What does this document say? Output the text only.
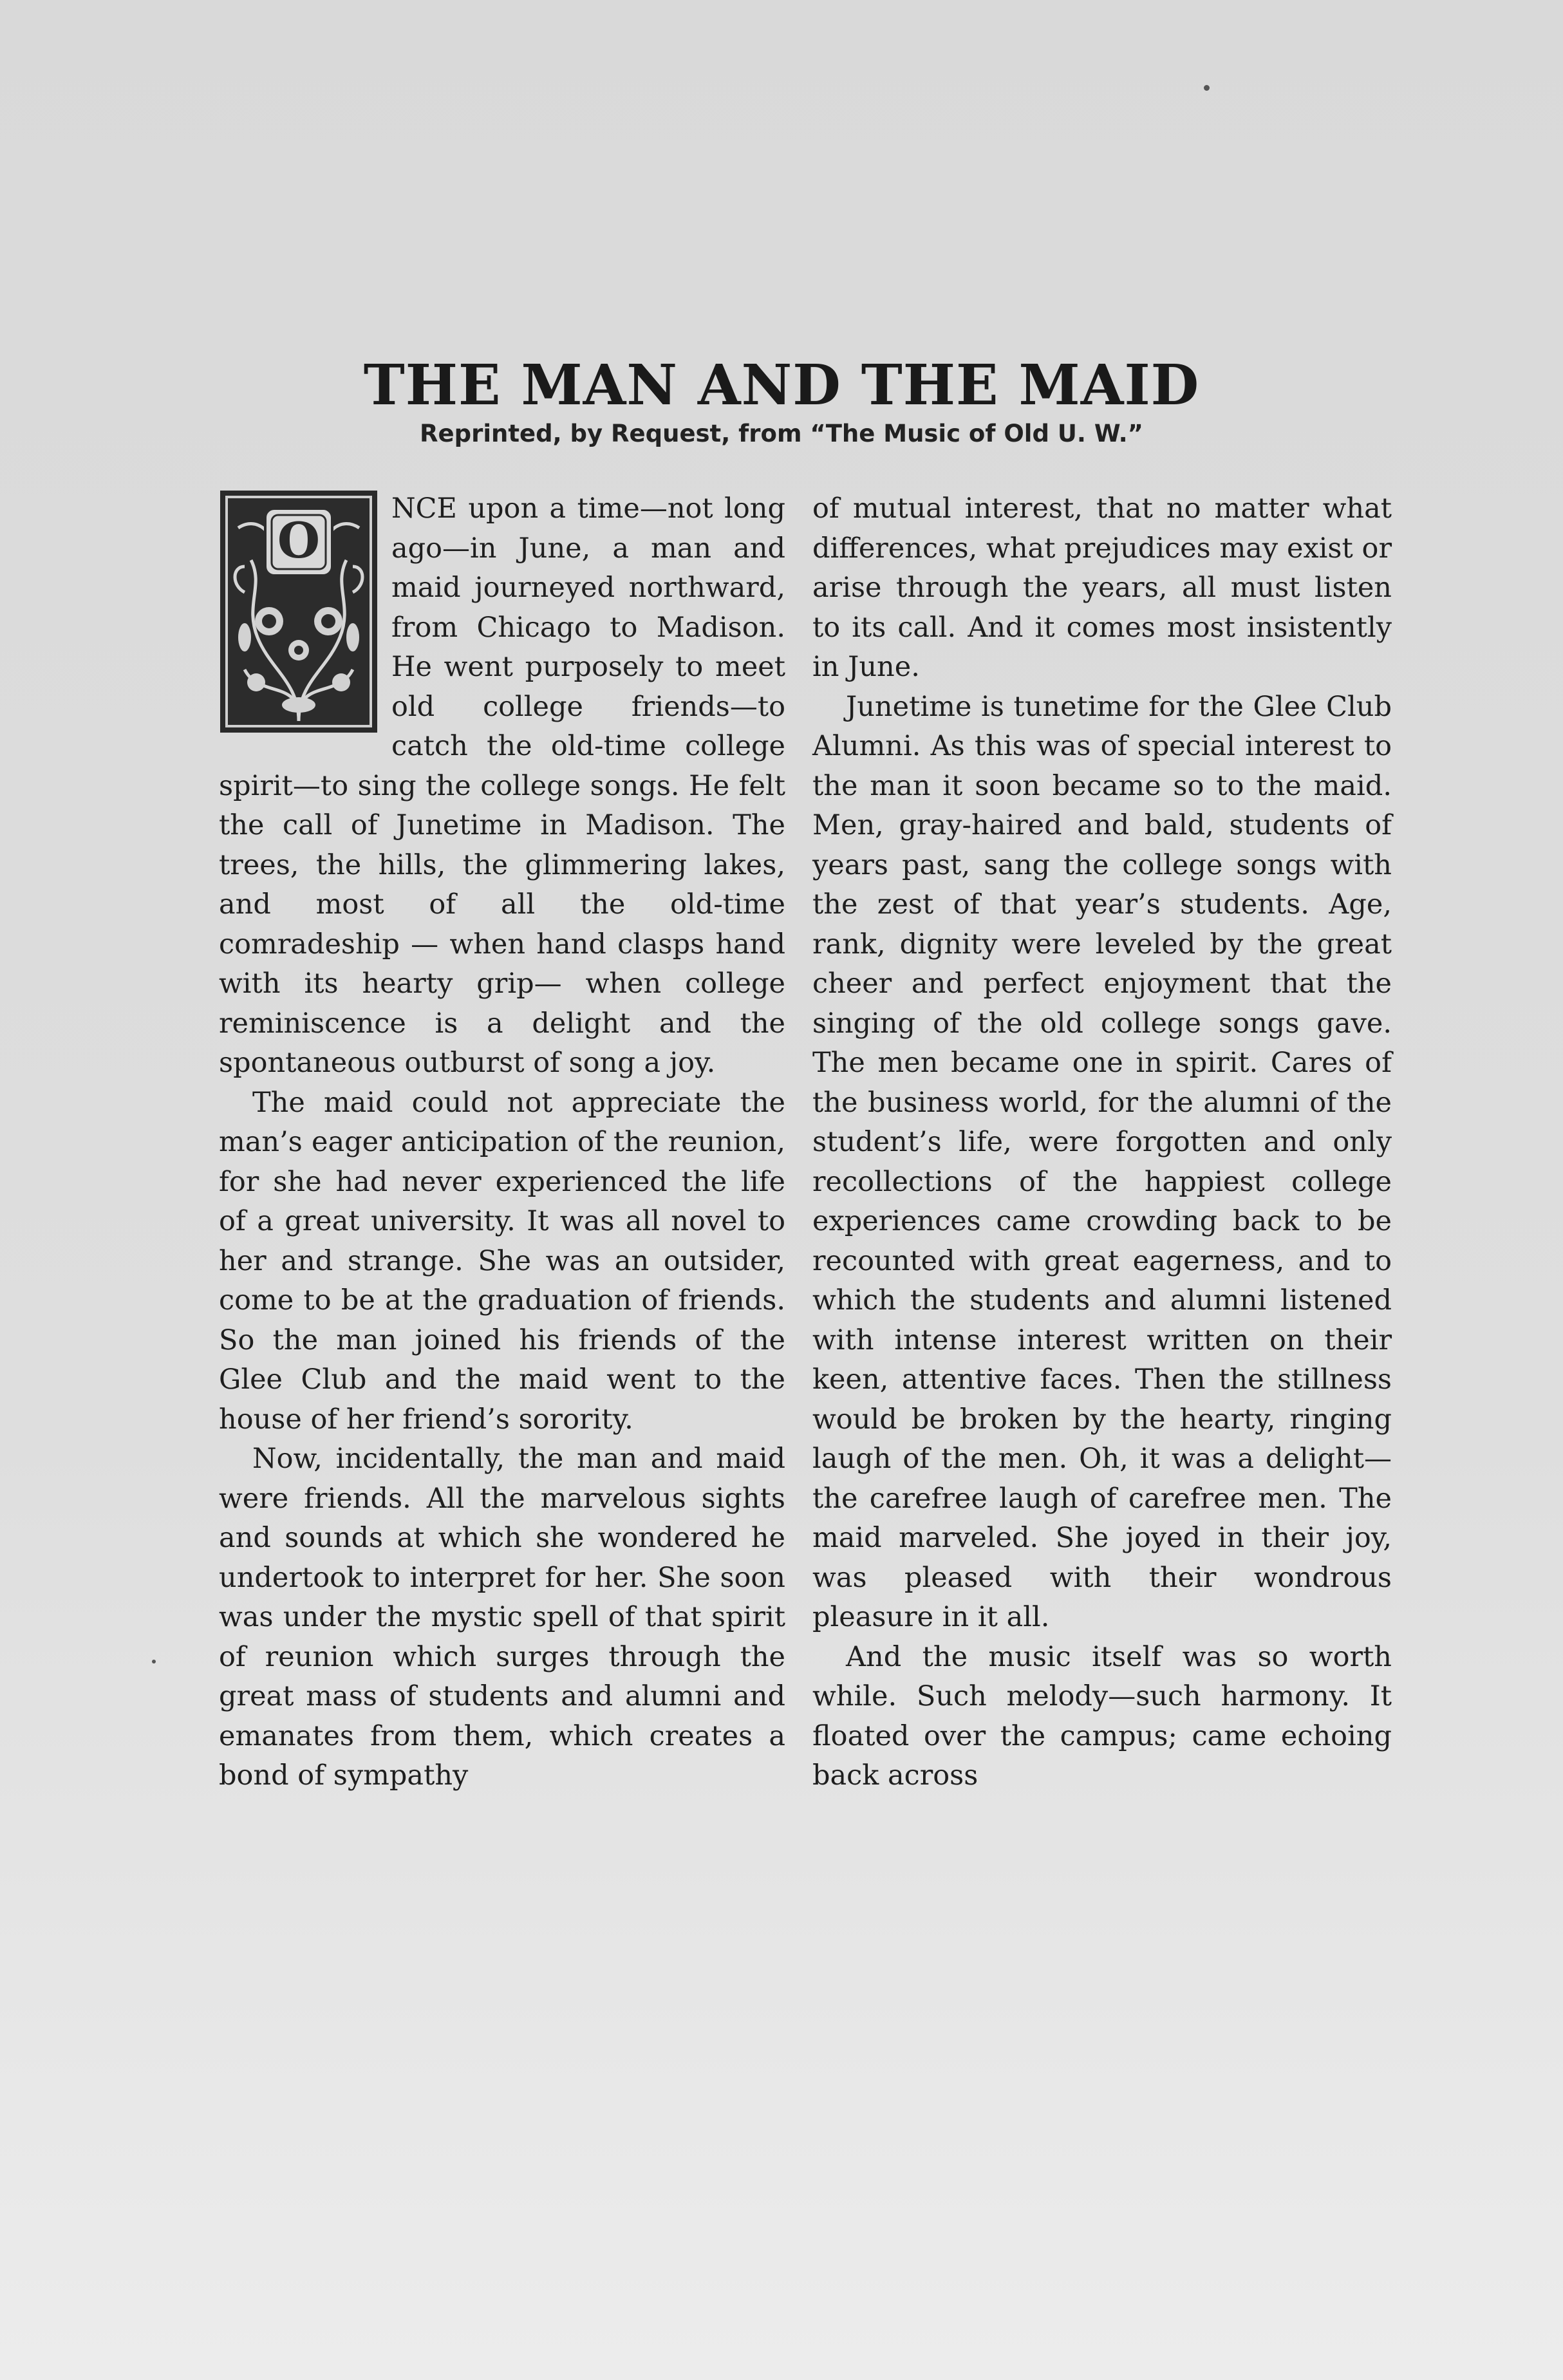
THE MAN AND THE MAID
Reprinted, by Request, from “The Music of Old U. W.”
O

NCE upon a time—not long ago—in June, a man and maid journeyed northward, from Chicago to Madison. He went purposely to meet old college friends—to catch the old-time college spirit—to sing the college songs. He felt the call of Junetime in Madison. The trees, the hills, the glimmering lakes, and most of all the old-time comradeship — when hand clasps hand with its hearty grip— when college reminiscence is a delight and the spontaneous outburst of song a joy.

The maid could not appreciate the man’s eager anticipation of the reunion, for she had never experienced the life of a great university. It was all novel to her and strange. She was an outsider, come to be at the graduation of friends. So the man joined his friends of the Glee Club and the maid went to the house of her friend’s sorority.

Now, incidentally, the man and maid were friends. All the marvelous sights and sounds at which she wondered he undertook to interpret for her. She soon was under the mystic spell of that spirit of reunion which surges through the great mass of students and alumni and emanates from them, which creates a bond of sympathy

of mutual interest, that no matter what differences, what prejudices may exist or arise through the years, all must listen to its call. And it comes most insistently in June.

Junetime is tunetime for the Glee Club Alumni. As this was of special interest to the man it soon became so to the maid. Men, gray-haired and bald, students of years past, sang the college songs with the zest of that year’s students. Age, rank, dignity were leveled by the great cheer and perfect enjoyment that the singing of the old college songs gave. The men became one in spirit. Cares of the business world, for the alumni of the student’s life, were forgotten and only recollections of the happiest college experiences came crowding back to be recounted with great eagerness, and to which the students and alumni listened with intense interest written on their keen, attentive faces. Then the stillness would be broken by the hearty, ringing laugh of the men. Oh, it was a delight—the carefree laugh of carefree men. The maid marveled. She joyed in their joy, was pleased with their wondrous pleasure in it all.

And the music itself was so worth while. Such melody—such harmony. It floated over the campus; came echoing back across
